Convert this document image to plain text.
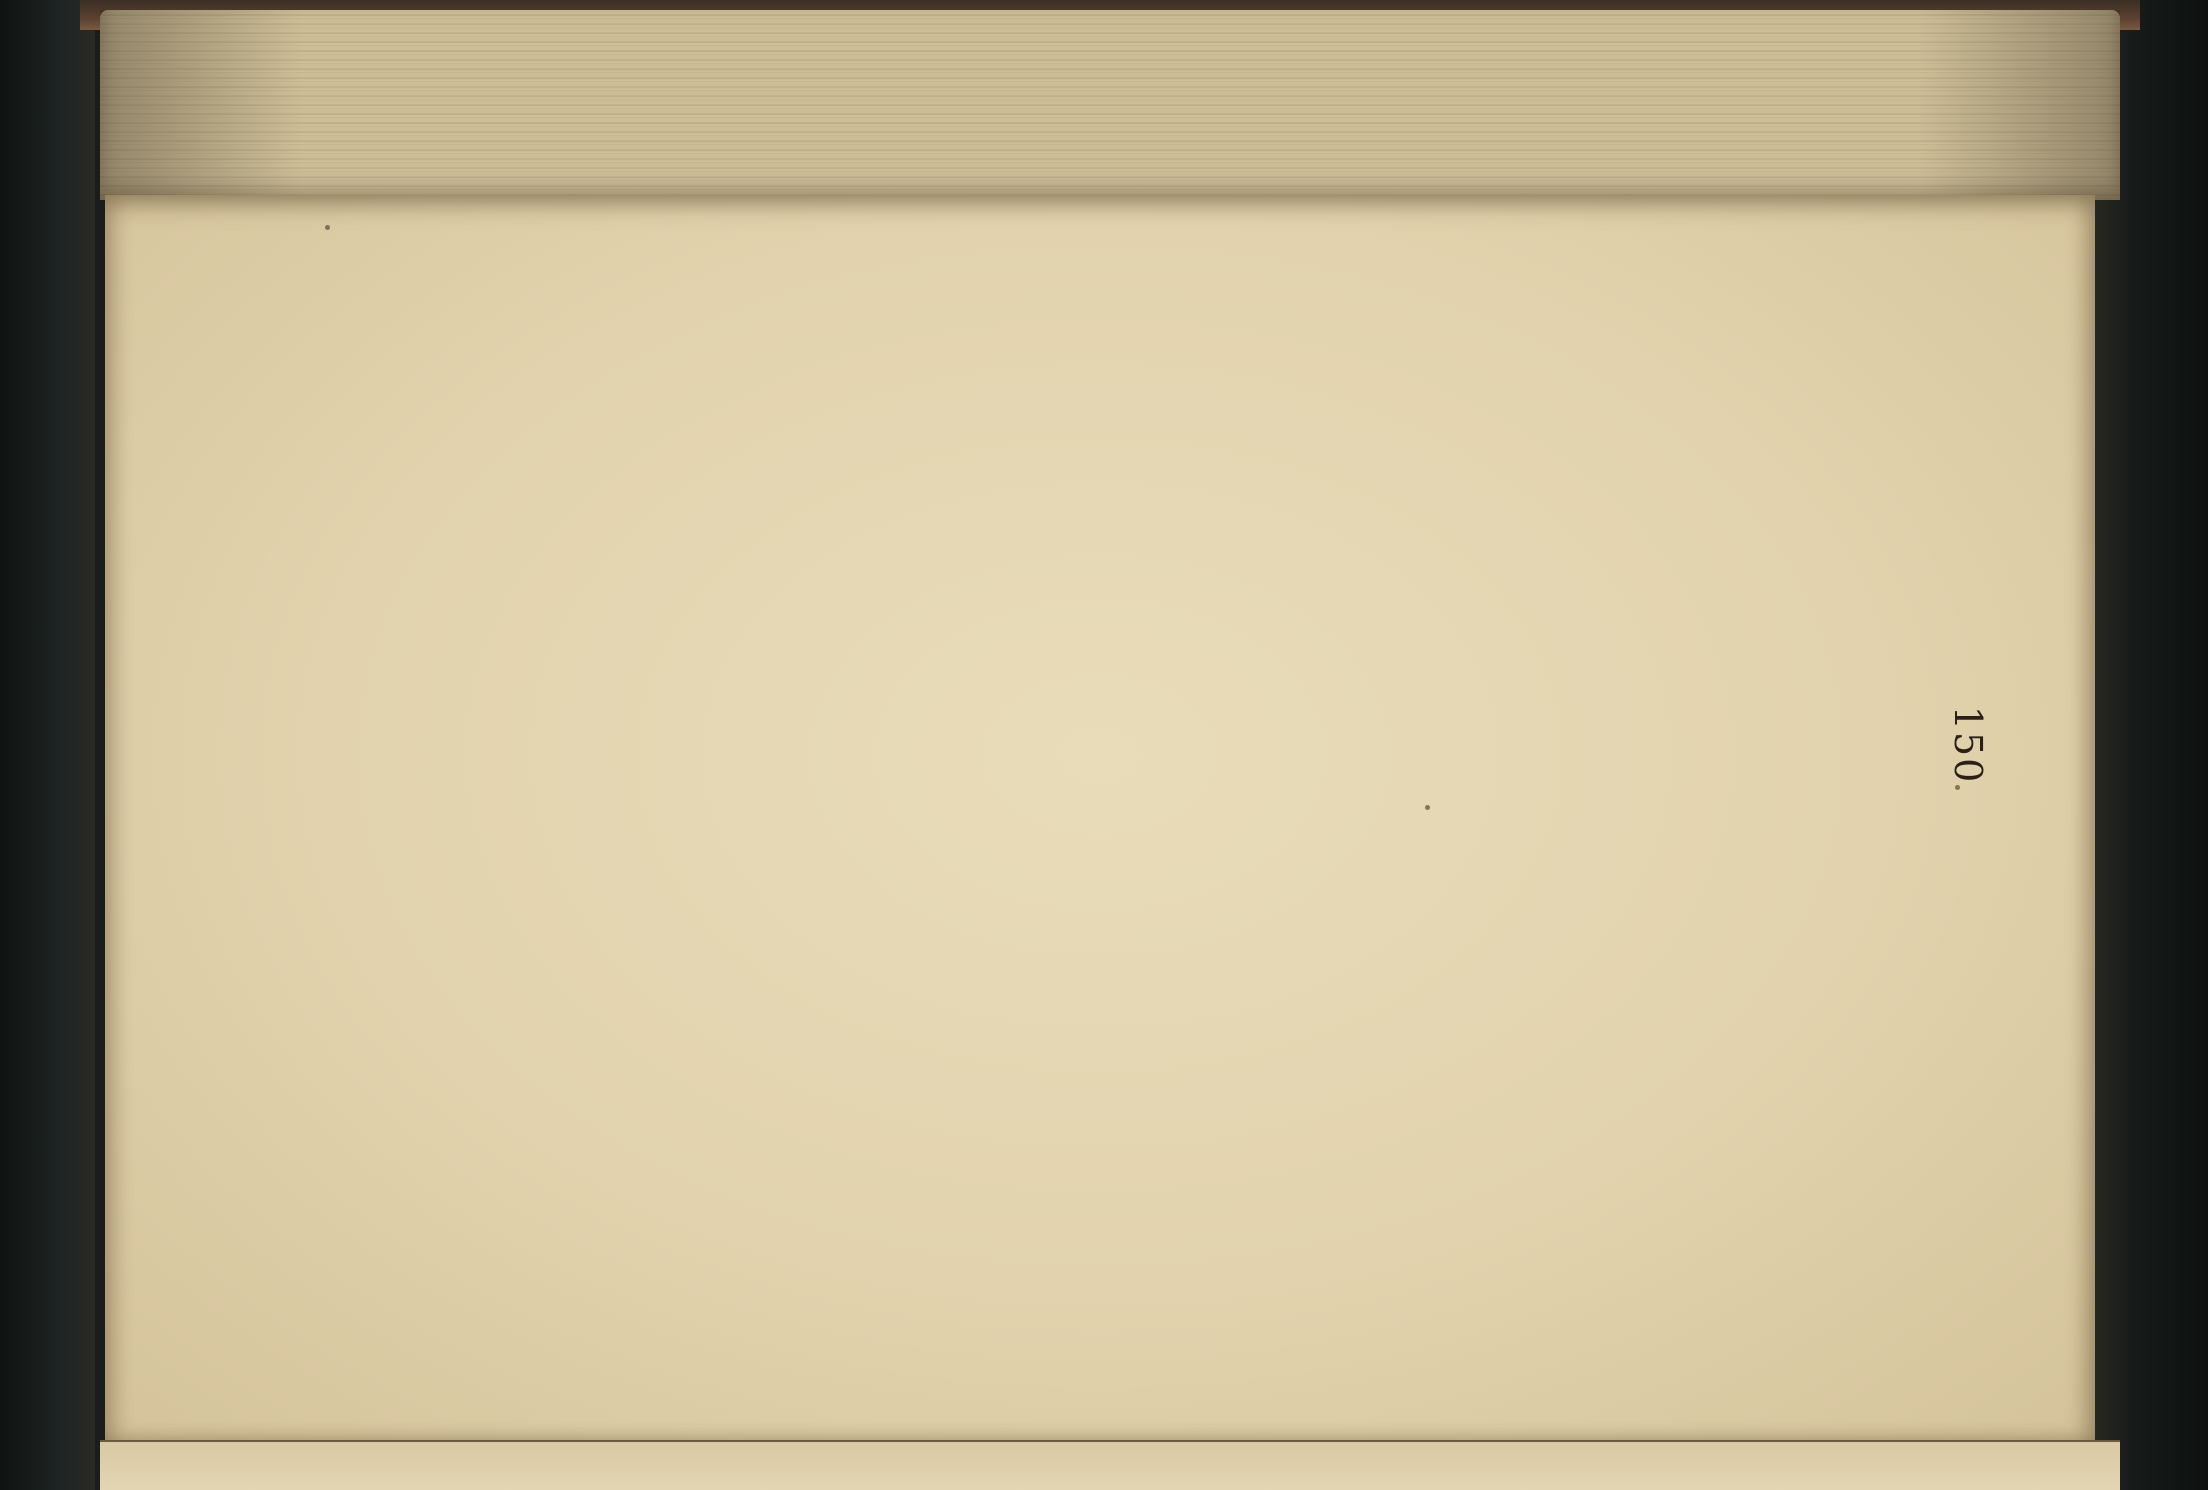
150
